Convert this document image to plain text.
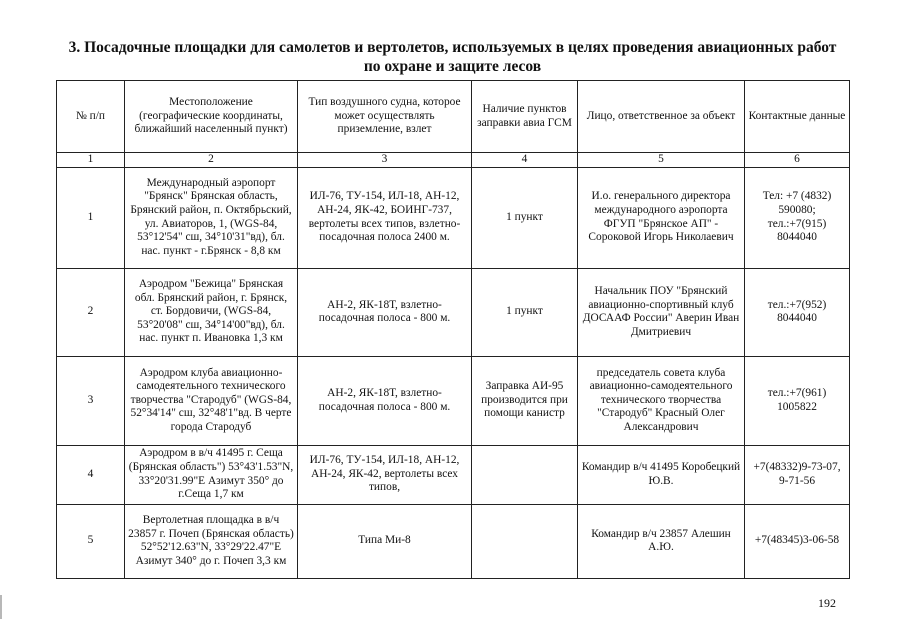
3. Посадочные площадки для самолетов и вертолетов, используемых в целях проведения авиационных работ по охране и защите лесов
№ п/п	Местоположение (географические координаты, ближайший населенный пункт)	Тип воздушного судна, которое может осуществлять приземление, взлет	Наличие пунктов заправки авиа ГСМ	Лицо, ответственное за объект	Контактные данные
1	2	3	4	5	6
1	Международный аэропорт "Брянск" Брянская область, Брянский район, п. Октябрьский, ул. Авиаторов, 1, (WGS-84, 53°12'54" сш, 34°10'31"вд), бл. нас. пункт - г.Брянск - 8,8 км	ИЛ-76, ТУ-154, ИЛ-18, АН-12, АН-24, ЯК-42, БОИНГ-737, вертолеты всех типов, взлетно-посадочная полоса 2400 м.	1 пункт	И.о. генерального директора международного аэропорта ФГУП "Брянское АП" - Сороковой Игорь Николаевич	Тел: +7 (4832) 590080; тел.:+7(915) 8044040
2	Аэродром "Бежица" Брянская обл. Брянский район, г. Брянск, ст. Бордовичи, (WGS-84, 53°20'08" сш, 34°14'00"вд), бл. нас. пункт п. Ивановка 1,3 км	АН-2, ЯК-18Т, взлетно-посадочная полоса - 800 м.	1 пункт	Начальник ПОУ "Брянский авиационно-спортивный клуб ДОСААФ России" Аверин Иван Дмитриевич	тел.:+7(952) 8044040
3	Аэродром клуба авиационно-самодеятельного технического творчества "Стародуб" (WGS-84, 52°34'14" сш, 32°48'1"вд. В черте города Стародуб	АН-2, ЯК-18Т, взлетно-посадочная полоса - 800 м.	Заправка АИ-95 производится при помощи канистр	председатель совета клуба авиационно-самодеятельного технического творчества "Стародуб" Красный Олег Александрович	тел.:+7(961) 1005822
4	Аэродром в в/ч 41495 г. Сеща (Брянская область") 53°43'1.53"N, 33°20'31.99"E Азимут 350° до г.Сеща 1,7 км	ИЛ-76, ТУ-154, ИЛ-18, АН-12, АН-24, ЯК-42, вертолеты всех типов,		Командир в/ч 41495 Коробецкий Ю.В.	+7(48332)9-73-07, 9-71-56
5	Вертолетная площадка в в/ч 23857 г. Почеп (Брянская область) 52°52'12.63"N, 33°29'22.47"E Азимут 340° до г. Почеп 3,3 км	Типа Ми-8		Командир в/ч 23857 Алешин А.Ю.	+7(48345)3-06-58
192
